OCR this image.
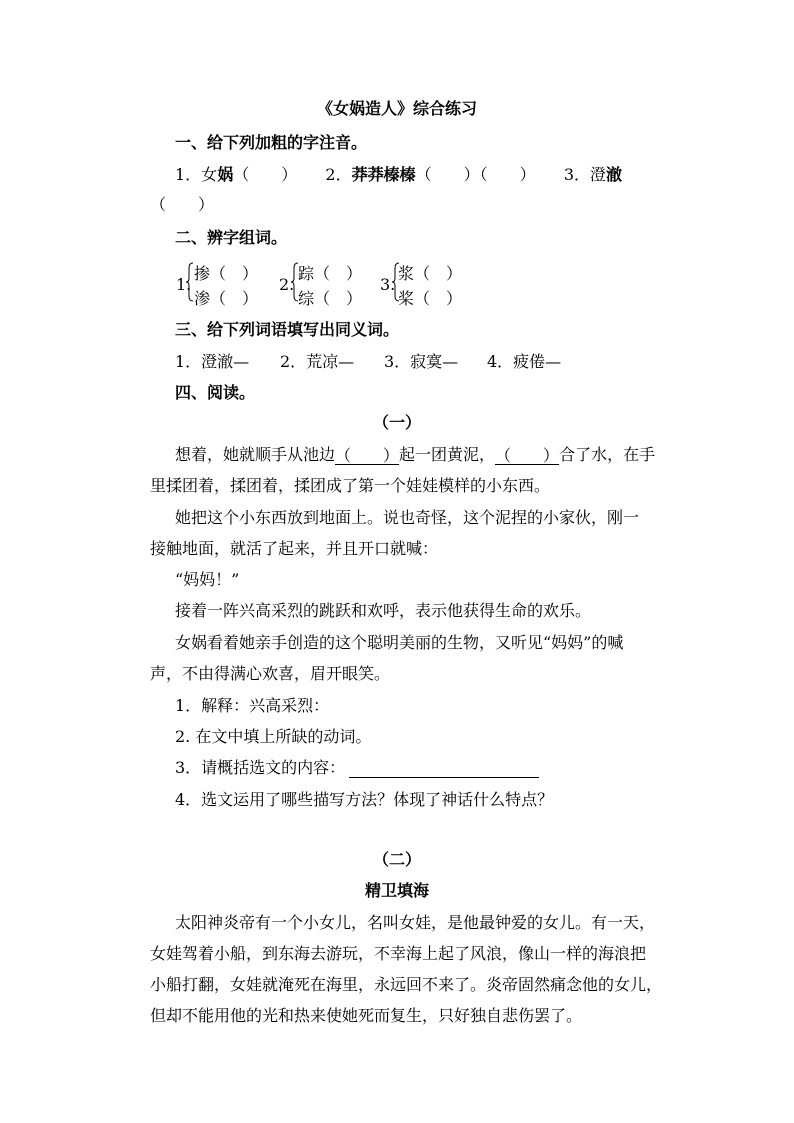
《女娲造人》综合练习
一、给下列加粗的字注音。
1．女娲（　　） 2．莽莽榛榛（　　）（　　） 3．澄澈
（　　）
二、辨字组词。
1.
掺（　）
渗（　）
2.
踪（　）
综（　）
3.
浆（　）
桨（　）
三、给下列词语填写出同义词。
1．澄澈— 2．荒凉— 3．寂寞— 4．疲倦—
四、阅读。
（一）
想着，她就顺手从池边（　　）起一团黄泥，（　　）合了水，在手
里揉团着，揉团着，揉团成了第一个娃娃模样的小东西。
她把这个小东西放到地面上。说也奇怪，这个泥捏的小家伙，刚一
接触地面，就活了起来，并且开口就喊：
“妈妈！”
接着一阵兴高采烈的跳跃和欢呼，表示他获得生命的欢乐。
女娲看着她亲手创造的这个聪明美丽的生物，又听见“妈妈”的喊
声，不由得满心欢喜，眉开眼笑。
1．解释：兴高采烈：
2. 在文中填上所缺的动词。
3．请概括选文的内容：
4．选文运用了哪些描写方法？体现了神话什么特点？
（二）
精卫填海
太阳神炎帝有一个小女儿，名叫女娃，是他最钟爱的女儿。有一天，
女娃驾着小船，到东海去游玩，不幸海上起了风浪，像山一样的海浪把
小船打翻，女娃就淹死在海里，永远回不来了。炎帝固然痛念他的女儿，
但却不能用他的光和热来使她死而复生，只好独自悲伤罢了。
